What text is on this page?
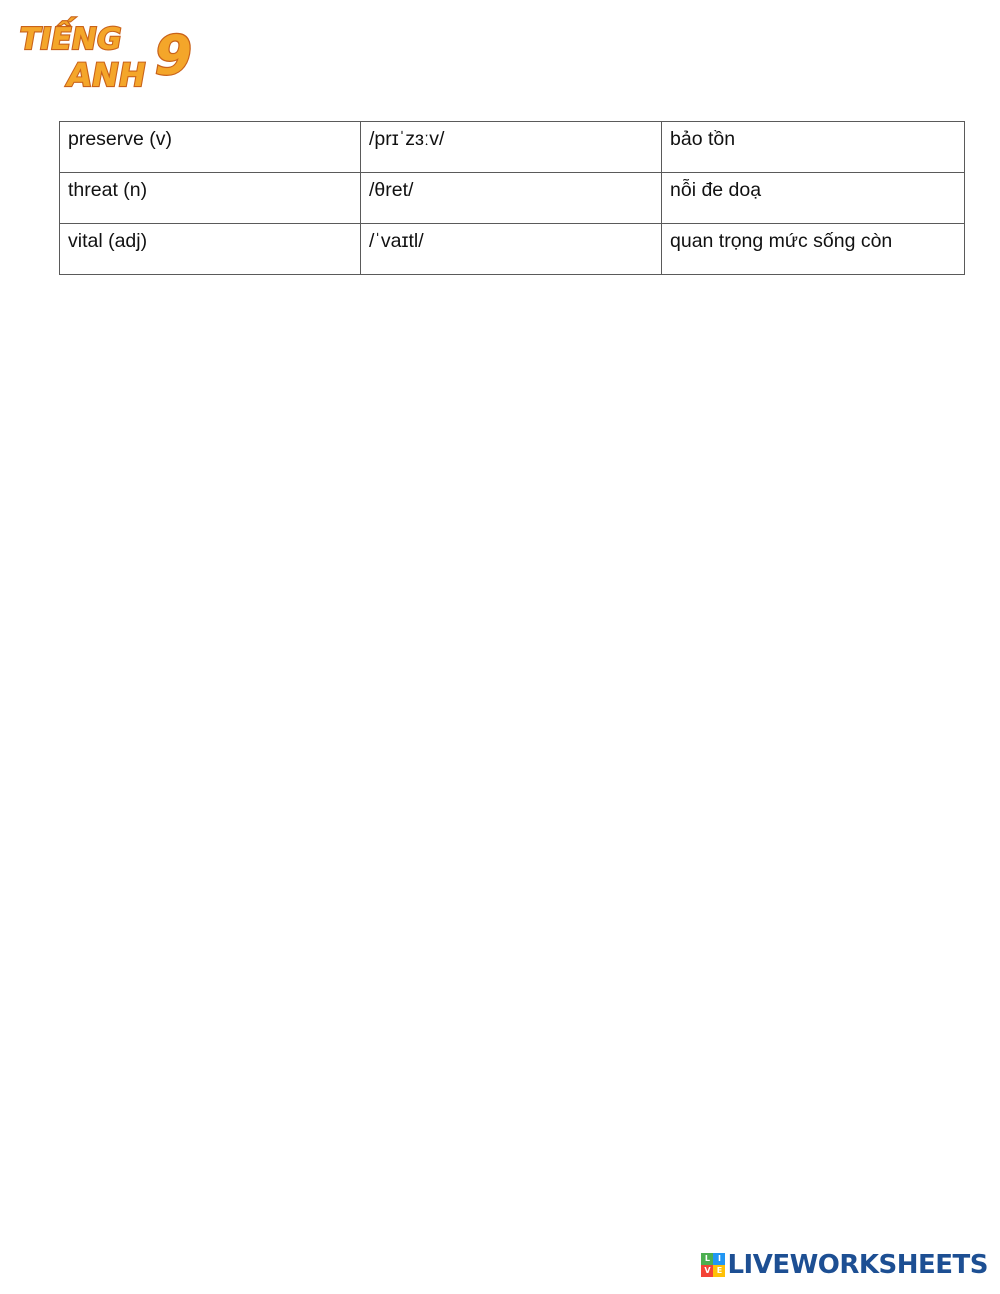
TIẾNG
ANH 9
preserve (v)	/prɪˈzɜːv/	bảo tồn
threat (n)	/θret/	nỗi đe doạ
vital (adj)	/ˈvaɪtl/	quan trọng mức sống còn
L I
V E LIVEWORKSHEETS
